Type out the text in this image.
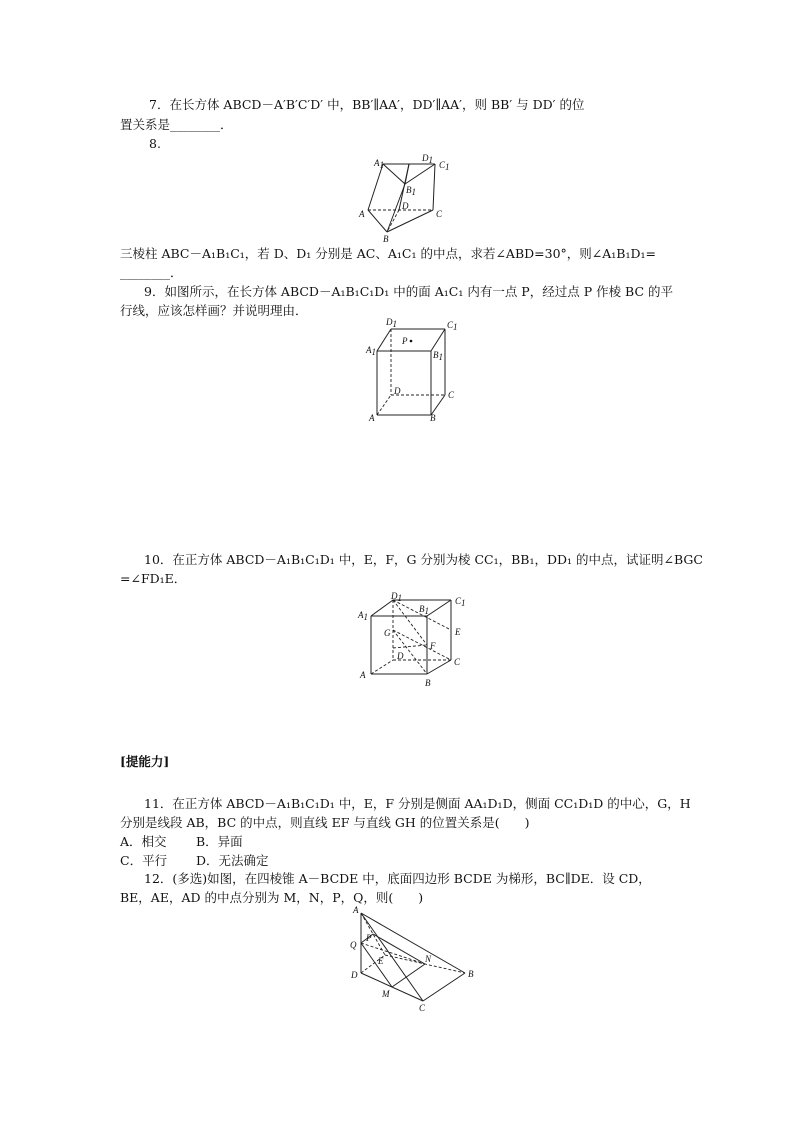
7．在长方体 ABCD－A′B′C′D′ 中，BB′∥AA′，DD′∥AA′，则 BB′ 与 DD′ 的位
置关系是________．
8.
A1
D1 C1
B1
D
A	C
B
三棱柱 ABC－A₁B₁C₁，若 D、D₁ 分别是 AC、A₁C₁ 的中点，求若∠ABD=30°，则∠A₁B₁D₁=
________．
9．如图所示，在长方体 ABCD－A₁B₁C₁D₁ 中的面 A₁C₁ 内有一点 P，经过点 P 作棱 BC 的平
行线，应该怎样画？并说明理由．
D1	C1
A1	B1
P
D	C
A	B
10．在正方体 ABCD－A₁B₁C₁D₁ 中，E，F，G 分别为棱 CC₁，BB₁，DD₁ 的中点，试证明∠BGC
=∠FD₁E．
D1
B1
C1
A1
G	E
F
D
C
A
B
[提能力]
11．在正方体 ABCD－A₁B₁C₁D₁ 中，E，F 分别是侧面 AA₁D₁D，侧面 CC₁D₁D 的中心，G，H
分别是线段 AB，BC 的中点，则直线 EF 与直线 GH 的位置关系是(　　)
A．相交 B．异面
C．平行 D．无法确定
12．(多选)如图，在四棱锥 A－BCDE 中，底面四边形 BCDE 为梯形，BC∥DE．设 CD，
BE，AE，AD 的中点分别为 M，N，P，Q，则(　　)
A
Q
P
E	N
B
D
M
C
